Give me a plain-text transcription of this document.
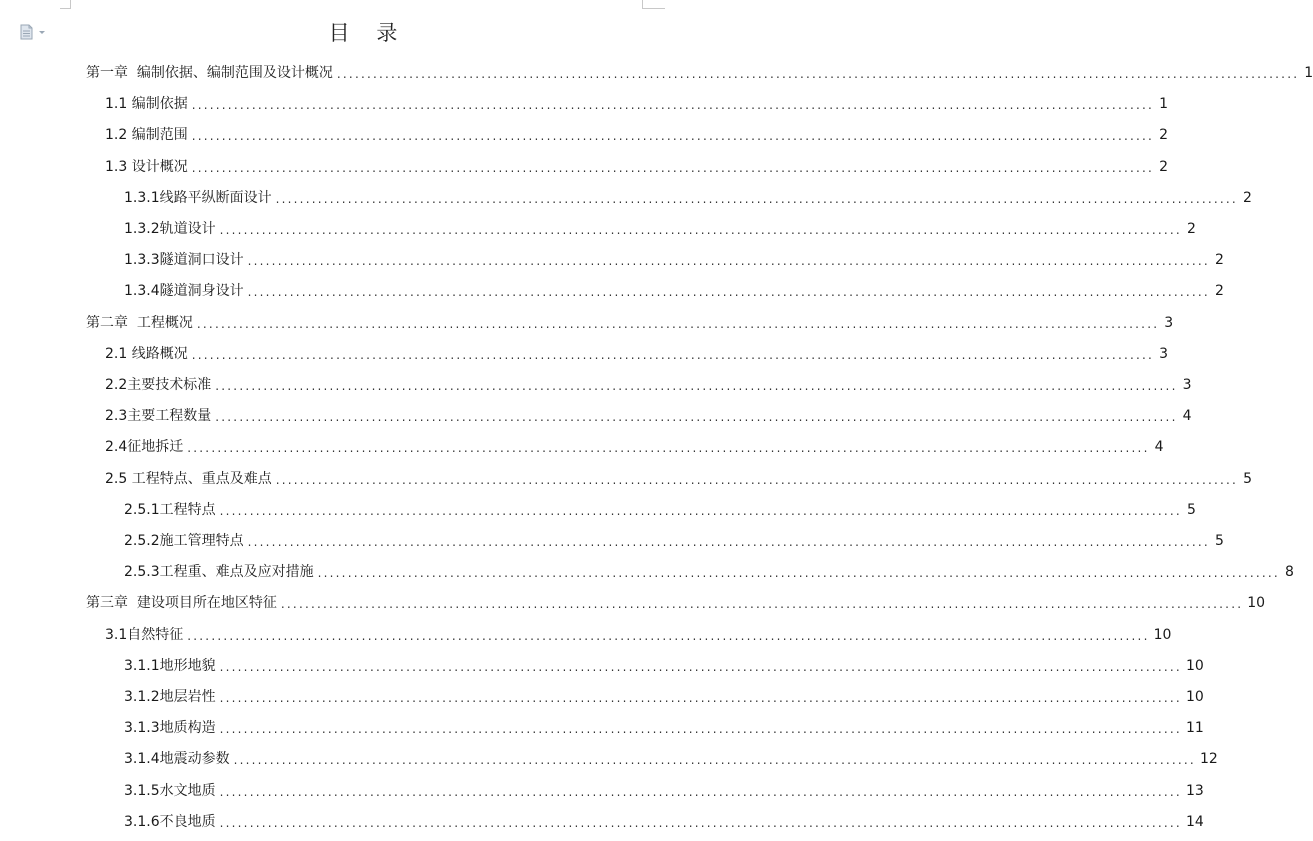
目 录
第一章  编制依据、编制范围及设计概况 ................................................................................................................................................................ 1
1.1 编制依据 ................................................................................................................................................................ 1
1.2 编制范围 ................................................................................................................................................................ 2
1.3 设计概况 ................................................................................................................................................................ 2
1.3.1线路平纵断面设计 ................................................................................................................................................................ 2
1.3.2轨道设计 ................................................................................................................................................................ 2
1.3.3隧道洞口设计 ................................................................................................................................................................ 2
1.3.4隧道洞身设计 ................................................................................................................................................................ 2
第二章  工程概况 ................................................................................................................................................................ 3
2.1 线路概况 ................................................................................................................................................................ 3
2.2主要技术标准 ................................................................................................................................................................ 3
2.3主要工程数量 ................................................................................................................................................................ 4
2.4征地拆迁 ................................................................................................................................................................ 4
2.5 工程特点、重点及难点 ................................................................................................................................................................ 5
2.5.1工程特点 ................................................................................................................................................................ 5
2.5.2施工管理特点 ................................................................................................................................................................ 5
2.5.3工程重、难点及应对措施 ................................................................................................................................................................ 8
第三章  建设项目所在地区特征 ................................................................................................................................................................ 10
3.1自然特征 ................................................................................................................................................................ 10
3.1.1地形地貌 ................................................................................................................................................................ 10
3.1.2地层岩性 ................................................................................................................................................................ 10
3.1.3地质构造 ................................................................................................................................................................ 11
3.1.4地震动参数 ................................................................................................................................................................ 12
3.1.5水文地质 ................................................................................................................................................................ 13
3.1.6不良地质 ................................................................................................................................................................ 14
